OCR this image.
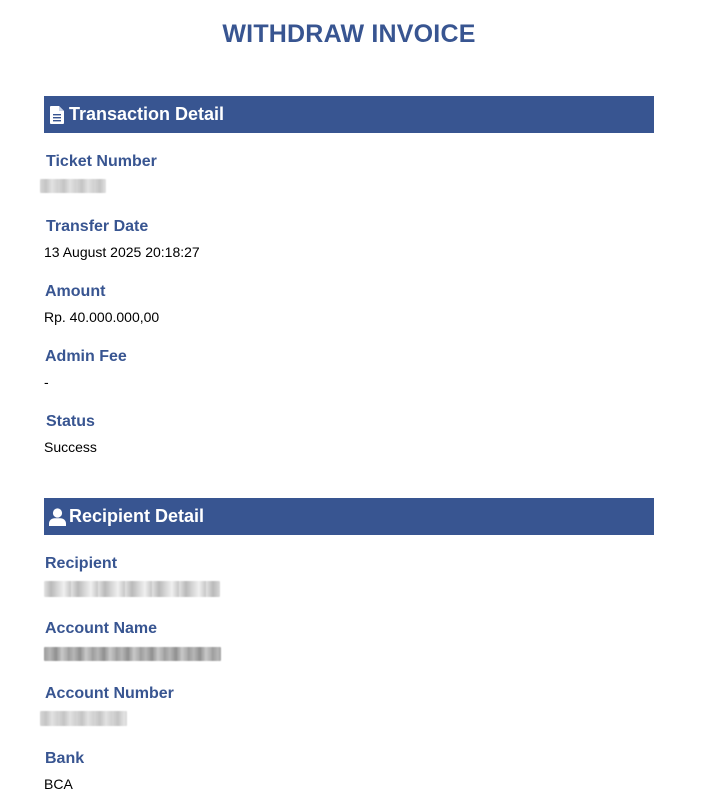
WITHDRAW INVOICE
Transaction Detail
Ticket Number
Transfer Date
13 August 2025 20:18:27
Amount
Rp. 40.000.000,00
Admin Fee
-
Status
Success
Recipient Detail
Recipient
Account Name
Account Number
Bank
BCA
